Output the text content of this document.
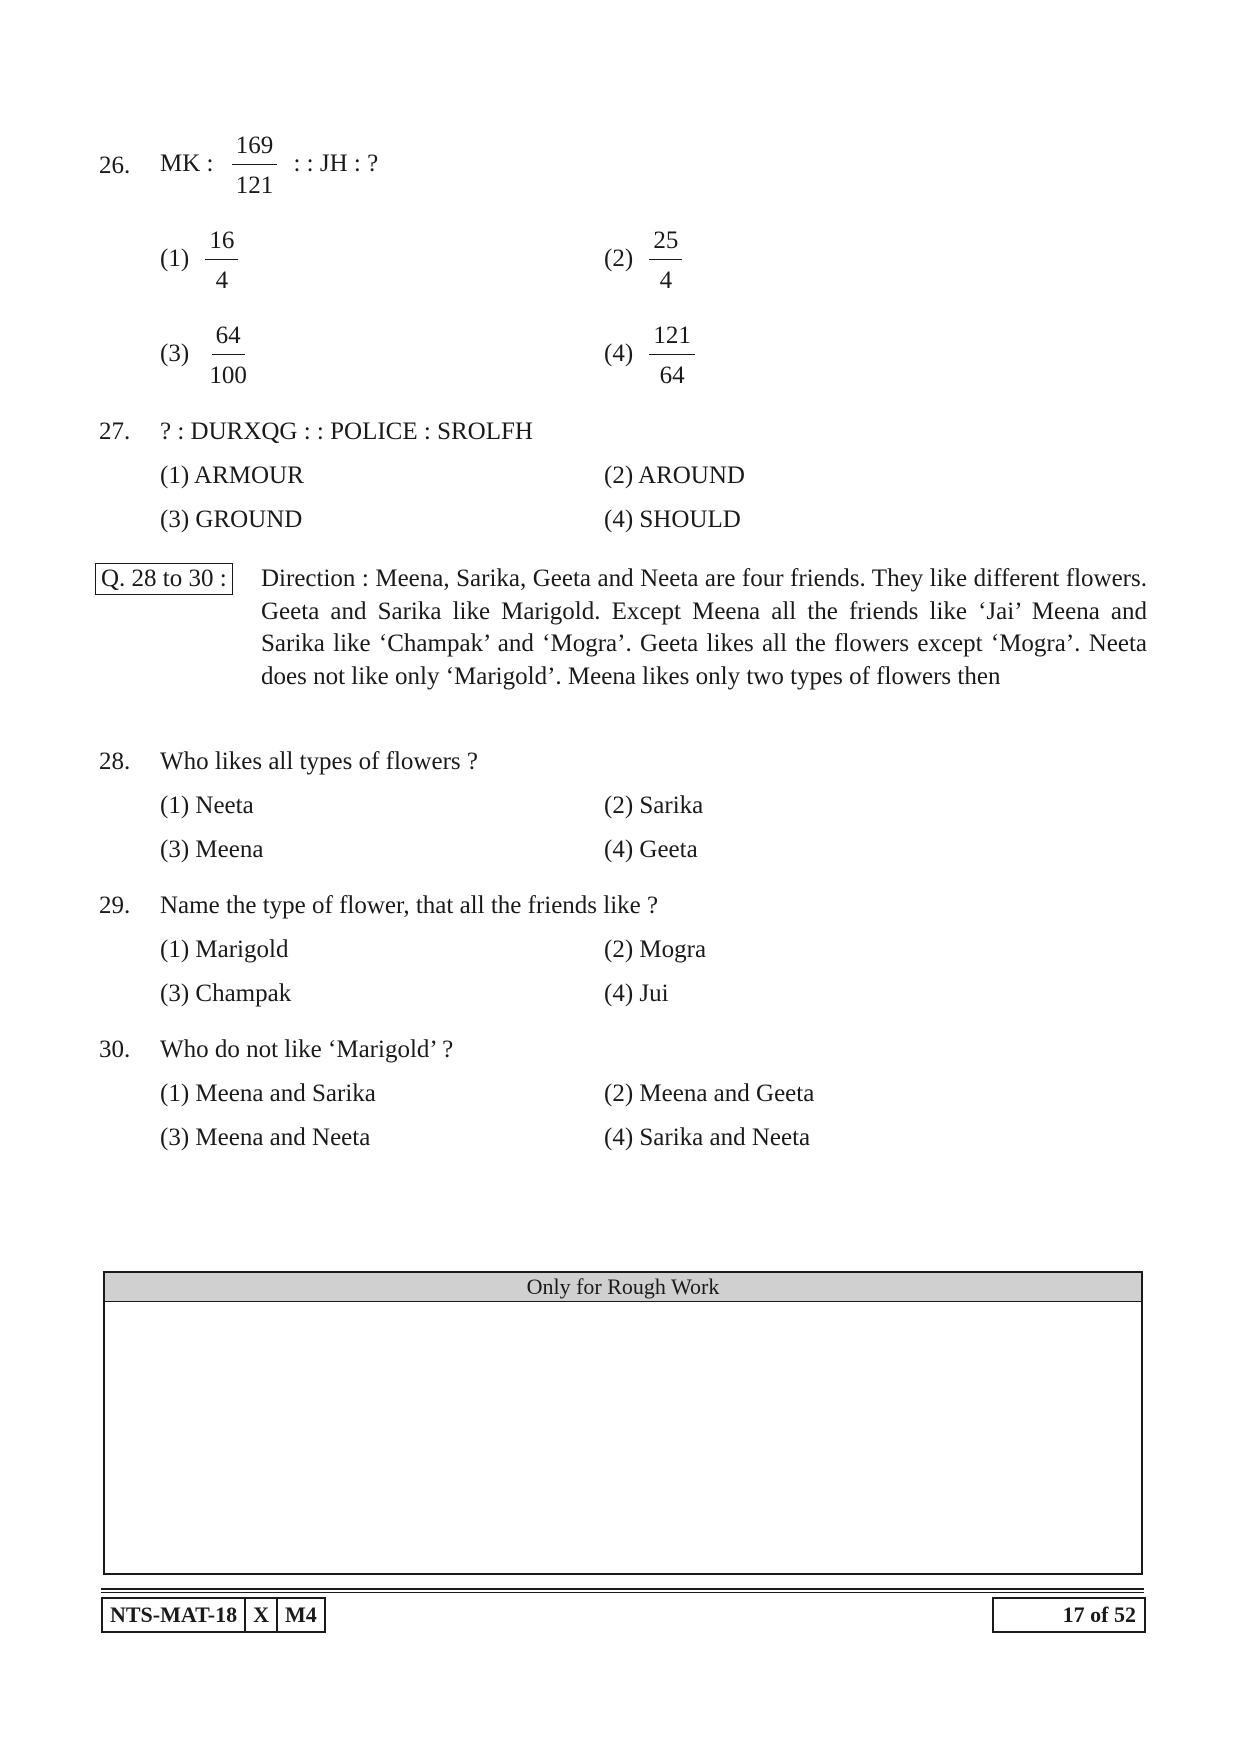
26.	MK : $\frac{169}{121}$ : : JH : ?
$(1) \frac{16}{4}$	$(2) \frac{25}{4}$
$(3) \frac{64}{100}$	$(4) \frac{121}{64}$
27.	? : DURXQG : : POLICE : SROLFH
(1) ARMOUR	(2) AROUND
(3) GROUND	(4) SHOULD
Q. 28 to 30 : Direction : Meena, Sarika, Geeta and Neeta are four friends. They like different flowers. Geeta and Sarika like Marigold. Except Meena all the friends like ‘Jai’ Meena and Sarika like ‘Champak’ and ‘Mogra’. Geeta likes all the flowers except ‘Mogra’. Neeta does not like only ‘Marigold’. Meena likes only two types of flowers then
28.	Who likes all types of flowers ?
(1) Neeta	(2) Sarika
(3) Meena	(4) Geeta
29.	Name the type of flower, that all the friends like ?
(1) Marigold	(2) Mogra
(3) Champak	(4) Jui
30.	Who do not like ‘Marigold’ ?
(1) Meena and Sarika	(2) Meena and Geeta
(3) Meena and Neeta	(4) Sarika and Neeta
Only for Rough Work
NTS-MAT-18 X M4	17 of 52
